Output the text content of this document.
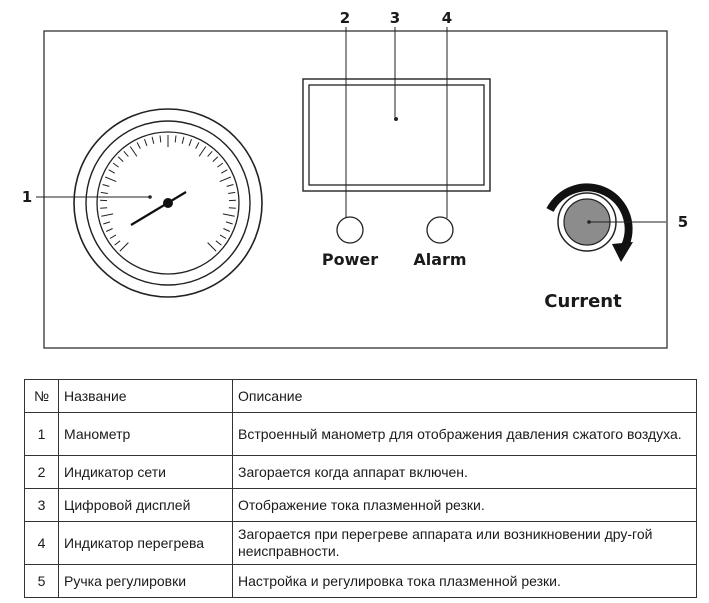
Power Alarm
Current
1
2	3	4
5
№	Название	Описание
1	Манометр	Встроенный манометр для отображения давления сжатого воздуха.
2	Индикатор сети	Загорается когда аппарат включен.
3	Цифровой дисплей	Отображение тока плазменной резки.
4	Индикатор перегрева	Загорается при перегреве аппарата или возникновении дру-гой неисправности.
5	Ручка регулировки	Настройка и регулировка тока плазменной резки.
